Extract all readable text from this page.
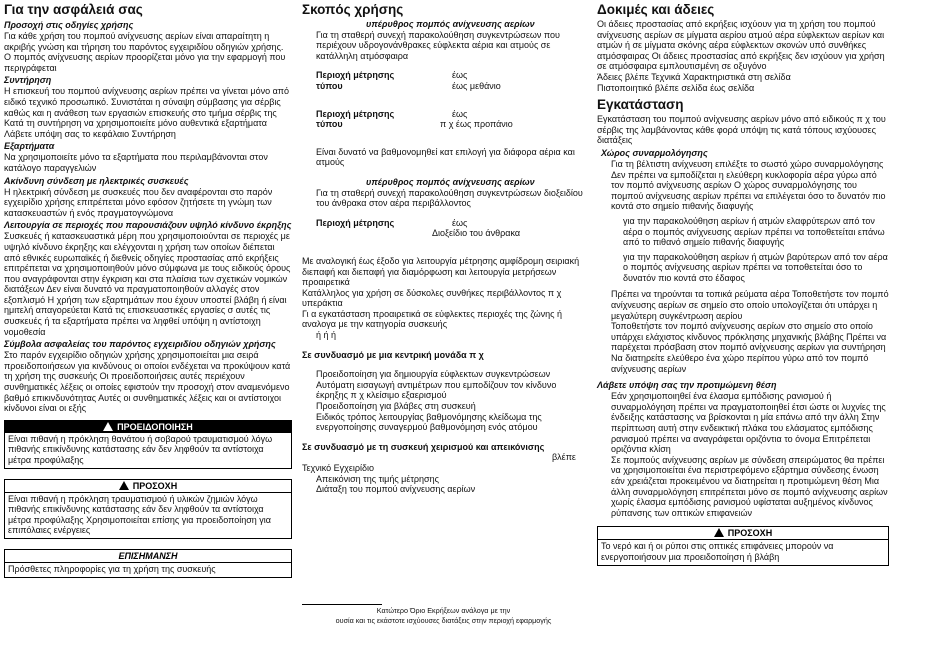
Για την ασφάλειά σας
Προσοχή στις οδηγίες χρήσης

Για κάθε χρήση του πομπού ανίχνευσης αερίων είναι απαραίτητη η ακριβής γνώση και τήρηση του παρόντος εγχειριδίου οδηγιών χρήσης. Ο πομπός ανίχνευσης αερίων προορίζεται μόνο για την εφαρμογή που περιγράφεται

Συντήρηση

Η επισκευή του πομπού ανίχνευσης αερίων πρέπει να γίνεται μόνο από ειδικό τεχνικό προσωπικό. Συνιστάται η σύναψη σύμβασης για σέρβις καθώς και η ανάθεση των εργασιών επισκευής στο τμήμα σέρβις της Κατά τη συντήρηση να χρησιμοποιείτε μόνο αυθεντικά εξαρτήματα

Λάβετε υπόψη σας το κεφάλαιο Συντήρηση

Εξαρτήματα

Να χρησιμοποιείτε μόνο τα εξαρτήματα που περιλαμβάνονται στον κατάλογο παραγγελιών

Ακίνδυνη σύνδεση με ηλεκτρικές συσκευές

Η ηλεκτρική σύνδεση με συσκευές που δεν αναφέρονται στο παρόν εγχειρίδιο χρήσης επιτρέπεται μόνο εφόσον ζητήσετε τη γνώμη των κατασκευαστών ή ενός πραγματογνώμονα

Λειτουργία σε περιοχές που παρουσιάζουν υψηλό κίνδυνο έκρηξης

Συσκευές ή κατασκευαστικά μέρη που χρησιμοποιούνται σε περιοχές με υψηλό κίνδυνο έκρηξης και ελέγχονται η χρήση των οποίων διέπεται από εθνικές ευρωπαϊκές ή διεθνείς οδηγίες προστασίας από εκρήξεις επιτρέπεται να χρησιμοποιηθούν μόνο σύμφωνα με τους ειδικούς όρους που αναγράφονται στην έγκριση και στα πλαίσια των σχετικών νομικών διατάξεων Δεν είναι δυνατό να πραγματοποιηθούν αλλαγές στον εξοπλισμό Η χρήση των εξαρτημάτων που έχουν υποστεί βλάβη ή είναι ημιτελή απαγορεύεται Κατά τις επισκευαστικές εργασίες σ αυτές τις συσκευές ή τα εξαρτήματα πρέπει να ληφθεί υπόψη η αντίστοιχη νομοθεσία

Σύμβολα ασφαλείας του παρόντος εγχειριδίου οδηγιών χρήσης

Στο παρόν εγχειρίδιο οδηγιών χρήσης χρησιμοποιείται μια σειρά προειδοποιήσεων για κινδύνους οι οποίοι ενδέχεται να προκύψουν κατά τη χρήση της συσκευής Οι προειδοποιήσεις αυτές περιέχουν συνθηματικές λέξεις οι οποίες εφιστούν την προσοχή στον αναμενόμενο βαθμό επικινδυνότητας Αυτές οι συνθηματικές λέξεις και οι αντίστοιχοι κίνδυνοι είναι οι εξής

ΠΡΟΕΙΔΟΠΟΙΗΣΗ
Είναι πιθανή η πρόκληση θανάτου ή σοβαρού τραυματισμού λόγω πιθανής επικίνδυνης κατάστασης εάν δεν ληφθούν τα αντίστοιχα μέτρα προφύλαξης
ΠΡΟΣΟΧΗ
Είναι πιθανή η πρόκληση τραυματισμού ή υλικών ζημιών λόγω πιθανής επικίνδυνης κατάστασης εάν δεν ληφθούν τα αντίστοιχα μέτρα προφύλαξης Χρησιμοποιείται επίσης για προειδοποίηση για επιπόλαιες ενέργειες
ΕΠΙΣΗΜΑΝΣΗ
Πρόσθετες πληροφορίες για τη χρήση της συσκευής
Σκοπός χρήσης
υπέρυθρος πομπός ανίχνευσης αερίων

Για τη σταθερή συνεχή παρακολούθηση συγκεντρώσεων που περιέχουν υδρογονάνθρακες εύφλεκτα αέρια και ατμούς σε κατάλληλη ατμόσφαιρα

Περιοχή μέτρησης	έως
τύπου	έως μεθάνιο
Περιοχή μέτρησης	έως
τύπου	π χ έως προπάνιο

Είναι δυνατό να βαθμονομηθεί κατ επιλογή για διάφορα αέρια και ατμούς

υπέρυθρος πομπός ανίχνευσης αερίων

Για τη σταθερή συνεχή παρακολούθηση συγκεντρώσεων διοξειδίου του άνθρακα στον αέρα περιβάλλοντος

Περιοχή μέτρησης	έως
Διοξείδιο του άνθρακα

Με αναλογική έως έξοδο για λειτουργία μέτρησης αμφίδρομη σειριακή διεπαφή και διεπαφή για διαμόρφωση και λειτουργία μετρήσεων προαιρετικά

Κατάλληλος για χρήση σε δύσκολες συνθήκες περιβάλλοντος π χ υπεράκτια

Γι α εγκατάσταση προαιρετικά σε εύφλεκτες περιοχές της ζώνης ή αναλογα με την κατηγορία συσκευής

ή ή ή

Σε συνδυασμό με μια κεντρική μονάδα π χ

Προειδοποίηση για δημιουργία εύφλεκτων συγκεντρώσεων

Αυτόματη εισαγωγή αντιμέτρων που εμποδίζουν τον κίνδυνο έκρηξης π χ κλείσιμο εξαερισμού

Προειδοποίηση για βλάβες στη συσκευή

Ειδικός τρόπος λειτουργίας βαθμονόμησης κλείδωμα της ενεργοποίησης συναγερμού βαθμονόμηση ενός ατόμου

Σε συνδυασμό με τη συσκευή χειρισμού και απεικόνισης
βλέπε

Τεχνικό Εγχειρίδιο

Απεικόνιση της τιμής μέτρησης

Διάταξη του πομπού ανίχνευσης αερίων

Κατώτερο Όριο Εκρήξεων ανάλογα με την
ουσία και τις εκάστοτε ισχύουσες διατάξεις στην περιοχή εφαρμογής
Δοκιμές και άδειες

Οι άδειες προστασίας από εκρήξεις ισχύουν για τη χρήση του πομπού ανίχνευσης αερίων σε μίγματα αερίου ατμού αέρα εύφλεκτων αερίων και ατμών ή σε μίγματα σκόνης αέρα εύφλεκτων σκονών υπό συνθήκες ατμόσφαιρας Οι άδειες προστασίας από εκρήξεις δεν ισχύουν για χρήση σε ατμόσφαιρα εμπλουτισμένη σε οξυγόνο

Άδειες βλέπε Τεχνικά Χαρακτηριστικά στη σελίδα

Πιστοποιητικό βλέπε σελίδα έως σελίδα

Εγκατάσταση

Εγκατάσταση του πομπού ανίχνευσης αερίων μόνο από ειδικούς π χ του σέρβις της λαμβάνοντας κάθε φορά υπόψη τις κατά τόπους ισχύουσες διατάξεις

Χώρος συναρμολόγησης

Για τη βέλτιστη ανίχνευση επιλέξτε το σωστό χώρο συναρμολόγησης Δεν πρέπει να εμποδίζεται η ελεύθερη κυκλοφορία αέρα γύρω από τον πομπό ανίχνευσης αερίων Ο χώρος συναρμολόγησης του πομπού ανίχνευσης αερίων πρέπει να επιλέγεται όσο το δυνατόν πιο κοντά στο σημείο πιθανής διαφυγής

για την παρακολούθηση αερίων ή ατμών ελαφρύτερων από τον αέρα ο πομπός ανίχνευσης αερίων πρέπει να τοποθετείται επάνω από το πιθανό σημείο πιθανής διαφυγής

για την παρακολούθηση αερίων ή ατμών βαρύτερων από τον αέρα ο πομπός ανίχνευσης αερίων πρέπει να τοποθετείται όσο το δυνατόν πιο κοντά στο έδαφος

Πρέπει να τηρούνται τα τοπικά ρεύματα αέρα Τοποθετήστε τον πομπό ανίχνευσης αερίων σε σημείο στο οποίο υπολογίζεται ότι υπάρχει η μεγαλύτερη συγκέντρωση αερίου

Τοποθετήστε τον πομπό ανίχνευσης αερίων στο σημείο στο οποίο υπάρχει ελάχιστος κίνδυνος πρόκλησης μηχανικής βλάβης Πρέπει να παρέχεται πρόσβαση στον πομπό ανίχνευσης αερίων για συντήρηση Να διατηρείτε ελεύθερο ένα χώρο περίπου γύρω από τον πομπό ανίχνευσης αερίων

Λάβετε υπόψη σας την προτιμώμενη θέση

Εάν χρησιμοποιηθεί ένα έλασμα εμπόδισης ρανισμού ή συναρμολόγηση πρέπει να πραγματοποιηθεί έτσι ώστε οι λυχνίες της ένδειξης κατάστασης να βρίσκονται η μία επάνω από την άλλη Στην περίπτωση αυτή στην ενδεικτική πλάκα του ελάσματος εμπόδισης ρανισμού πρέπει να αναγράφεται οριζόντια το όνομα Επιτρέπεται οριζόντια κλίση

Σε πομπούς ανίχνευσης αερίων με σύνδεση σπειρώματος θα πρέπει να χρησιμοποιείται ένα περιστρεφόμενο εξάρτημα σύνδεσης ένωση εάν χρειάζεται προκειμένου να διατηρείται η προτιμώμενη θέση Μια άλλη συναρμολόγηση επιτρέπεται μόνο σε πομπό ανίχνευσης αερίων χωρίς έλασμα εμπόδισης ρανισμού υφίσταται αυξημένος κίνδυνος ρύπανσης των οπτικών επιφανειών

ΠΡΟΣΟΧΗ
Το νερό και ή οι ρύποι στις οπτικές επιφάνειες μπορούν να ενεργοποιήσουν μια προειδοποίηση ή βλάβη
